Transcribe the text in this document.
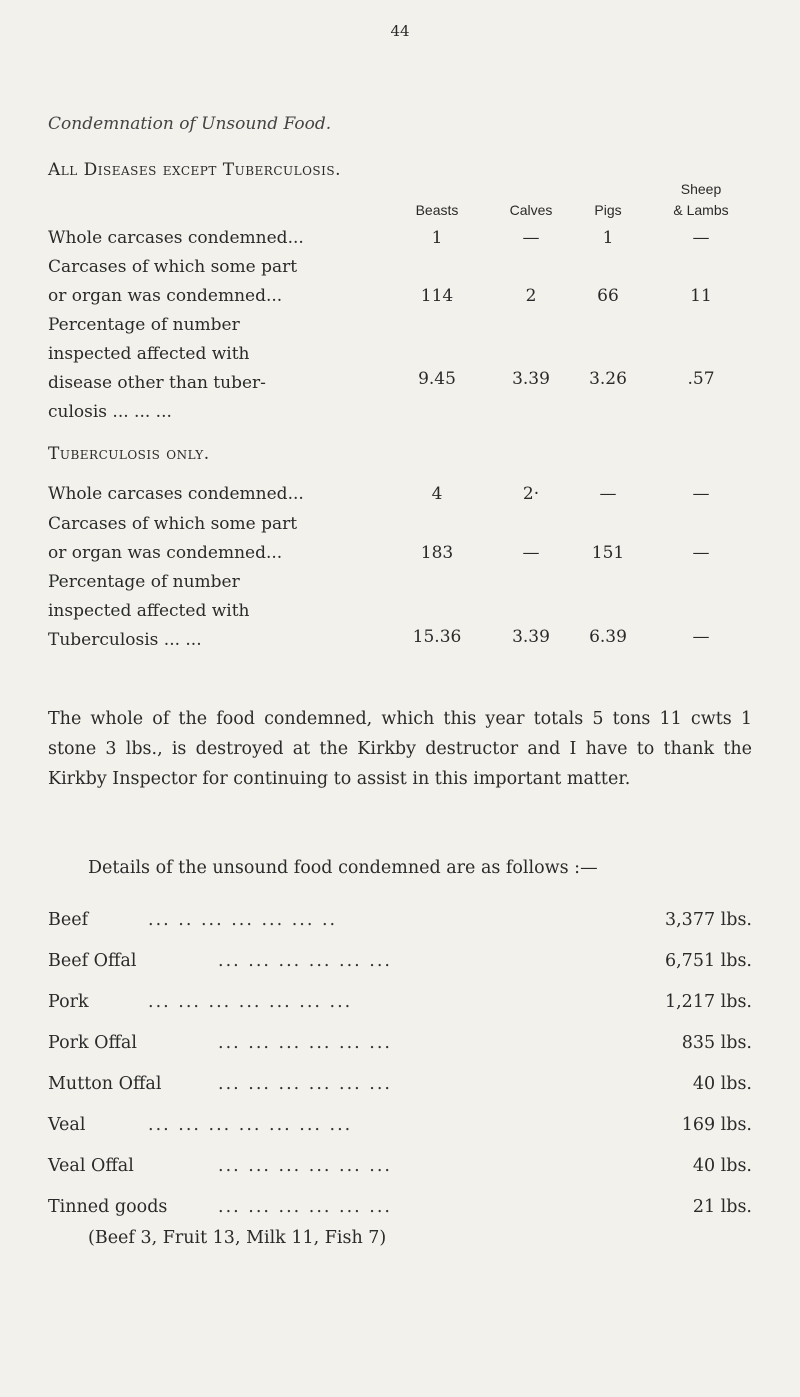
44
Condemnation of Unsound Food.
All Diseases except Tuberculosis.
Beasts	Calves	Pigs
Sheep
& Lambs
Whole carcases condemned...	1	—	1	—
Carcases of which some part
or organ was condemned...	114	2	66	11
Percentage of number
inspected affected with
disease other than tuber-
culosis ... ... ...
9.45	3.39	3.26	.57
Tuberculosis only.
Whole carcases condemned...	4	2·	—	—
Carcases of which some part
or organ was condemned...	183	—	151	—
Percentage of number
inspected affected with
Tuberculosis ... ...	15.36	3.39	6.39	—
The whole of the food condemned, which this year totals 5 tons 11 cwts 1 stone 3 lbs., is destroyed at the Kirkby destructor and I have to thank the Kirkby Inspector for continuing to assist in this important matter.
Details of the unsound food condemned are as follows :—
Beef	... .. ... ... ... ... ..	3,377 lbs.
Beef Offal	... ... ... ... ... ...	6,751 lbs.
Pork	... ... ... ... ... ... ...	1,217 lbs.
Pork Offal	... ... ... ... ... ...	835 lbs.
Mutton Offal	... ... ... ... ... ...	40 lbs.
Veal	... ... ... ... ... ... ...	169 lbs.
Veal Offal	... ... ... ... ... ...	40 lbs.
Tinned goods	... ... ... ... ... ...	21 lbs.
(Beef 3, Fruit 13, Milk 11, Fish 7)
